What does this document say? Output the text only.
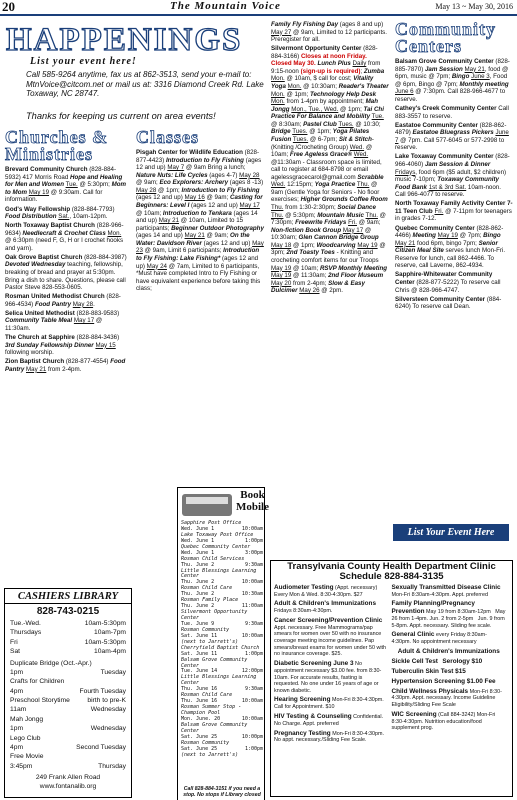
20	The Mountain Voice	May 13 ~ May 30, 2016
HAPPENINGS
List your event here!
Call 585-9264 anytime, fax us at 862-3513, send your e-mail to: MtnVoice@citcom.net or mail us at: 3316 Diamond Creek Rd. Lake Toxaway, NC 28747.
Thanks for keeping us current on area events!
Churches & Ministries

Brevard Community Church (828-884-5932) 417 Morris Road Hope and Healing for Men and Women Tue. @ 5:30pm; Mom to Mom May 19 @ 9:30am. Call for information.

God's Way Fellowship (828-884-7793) Food Distribution Sat., 10am-12pm.

North Toxaway Baptist Church (828-966-9634) Needlecraft & Crochet Class Mon. @ 6:30pm (need F, G, H or I crochet hooks and yarn).

Oak Grove Baptist Church (828-884-3987) Devoted Wednesday teaching, fellowship, breaking of bread and prayer at 5:30pm. Bring a dish to share. Questions, please call Pastor Steve 828-553-0605.

Rosman United Methodist Church (828-966-4534) Food Pantry May 28.

Selica United Methodist (828-883-9583) Community Table Meal May 17 @ 11:30am.

The Church at Sapphire (828-884-3436) 3rd Sunday Fellowship Dinner May 15 following worship.

Zion Baptist Church (828-877-4554) Food Pantry May 21 from 2-4pm.

Classes

Pisgah Center for Wildlife Education (828-877-4423) Introduction to Fly Fishing (ages 12 and up) May 7 @ 9am Bring a lunch; Nature Nuts: Life Cycles (ages 4-7) May 28 @ 9am; Eco Explorers: Archery (ages 8 -13) May 28 @ 1pm; Introduction to Fly Fishing (ages 12 and up) May 16 @ 9am; Casting for Beginners: Level I (ages 12 and up) May 17 @ 10am; Introduction to Tenkara (ages 14 and up) May 21 @ 10am, Limited to 15 participants; Beginner Outdoor Photography (ages 14 and up) May 21 @ 9am; On the Water: Davidson River (ages 12 and up) May 23 @ 9am, Limit 6 participants; Introduction to Fly Fishing: Lake Fishing* (ages 12 and up) May 24 @ 7am, Limited to 6 participants, *Must have completed Intro to Fly Fishing or have equivalent experience before taking this class;

Family Fly Fishing Day (ages 8 and up) May 27 @ 9am, Limited to 12 participants. Preregister for all.

Silvermont Opportunity Center (828-884-3166) Closes at noon Friday. Closed May 30. Lunch Plus Daily from 9:15-noon (sign-up is required); Zumba Mon. @ 10am, $ call for cost; Vitality Yoga Mon. @ 10:30am; Reader's Theater Mon. @ 1pm; Technology Help Desk Mon. from 1-4pm by appointment; Mah Jongg Mon., Tue., Wed. @ 1pm; Tai Chi Practice For Balance and Mobility Tue. @ 8:30am; Pastel Club Tues. @ 10:30; Bridge Tues. @ 1pm; Yoga Pilates Fusion Tues. @ 6-7pm; Sit & Stitch-(Knitting /Crocheting Group) Wed. @ 10am; Free Ageless Grace® Wed. @11:30am - Classroom space is limited, call to register at 684-8798 or email agelessgracecarol@gmail.com Scrabble Wed. 12:15pm; Yoga Practice Thu. @ 9am (Gentle Yoga for Seniors - No floor exercises; Higher Grounds Coffee Room Thu. from 1:30-2:30pm; Social Dance Thu. @ 5:30pm; Mountain Music Thu. @ 7:30pm; Freewrite Fridays Fri. @ 9am; Non-fiction Book Group May 17 @ 10:30am; Glen Cannon Bridge Group May 18 @ 1pm; Woodcarving May 19 @ 3pm; 2nd Toasty Toes - Knitting and crocheting comfort items for our Troops May 19 @ 10am; RSVP Monthly Meeting May 19 @ 11:30am; 2nd Floor Museum May 20 from 2-4pm; Slow & Easy Dulcimer May 26 @ 2pm.

Community Centers

Balsam Grove Community Center (828-885-7870) Jam Session May 21, food @ 6pm, music @ 7pm; Bingo June 3, Food @ 6pm, Bingo @ 7pm; Monthly meeting June 6 @ 7:30pm. Call 828-966-4677 to reserve.

Cathey's Creek Community Center Call 883-3557 to reserve.

Eastatoe Community Center (828-862-4879) Eastatoe Bluegrass Pickers June 7 @ 7pm. Call 577-6045 or 577-2998 to reserve.

Lake Toxaway Community Center (828-966-4060) Jam Session & Dinner Fridays, food 6pm ($5 adult, $2 children) music 7-10pm; Toxaway Community Food Bank 1st & 3rd Sat. 10am-noon. Call 966-4077 to reserve.

North Toxaway Family Activity Center 7-11 Teen Club Fri. @ 7-11pm for teenagers in grades 7-12.

Quebec Community Center (828-862-4466) Meeting May 19 @ 7pm; Bingo May 21 food 6pm, bingo 7pm; Senior Citizen Meal Site serves lunch Mon-Fri. Reserve for lunch, call 862-4466. To reserve, call Laverne, 862-4934.

Sapphire-Whitewater Community Center (828-877-5222) To reserve call Chris @ 828-966-4747.

Silversteen Community Center (884-6240) To reserve call Dean.

List Your Event Here
Book Mobile
Sapphire Post Office
Wed. June 1	10:00am
Lake Toxaway Post Office
Wed. June 1	1:00pm
Quebec Community Center
Wed. June 1	3:00pm
Rosman Child Services
Thu. June 2	9:30am
Little Blessings Learning Center
Thu. June 2	10:00am
Rosman Child Care
Thu. June 2	10:30am
Rosman Family Place
Thu. June 2	11:00am
Silvermont Opportunity Center
Tue. June 9	9:30am
Rosman Community
Sat. June 11	10:00am
(next to Jarrett's)
Cherryfield Baptist Church
Sat. June 11	1:00pm
Balsam Grove Community Center
Tue. June 14	12:00pm
Little Blessings Learning Center
Thu. June 16	9:30am
Rosman Child Care
Thu. June 16	10:00am
Rosman Summer Stop - Champion Pool
Mon. June. 20	10:00am
Balsam Grove Community Center
Sat. June 25	10:00pm
Rosman Community
Sat. June 25	1:00pm
(next to Jarrett's)
Call 828-884-3151 if you need a stop. No stops if Library closed
CASHIERS LIBRARY
828-743-0215
Tue.-Wed.	10am-5:30pm
Thursdays	10am-7pm
Fri	10am-5:30pm
Sat	10am-4pm
Duplicate Bridge (Oct.-Apr.)
1pm	Tuesday
Crafts for Children
4pm	Fourth Tuesday
Preschool Storytime	birth to pre-K
11am	Wednesday
Mah Jongg
1pm	Wednesday
Lego Club
4pm	Second Tuesday
Free Movie
3:45pm	Thursday
249 Frank Allen Road
www.fontanalib.org
Transylvania County Health Department Clinic Schedule 828-884-3135

Audiometer Testing (Appt. necessary) Every Mon & Wed. 8:30-4:30pm. $27

Adult & Children's Immunizations Fridays 8:30am-4:30pm.

Cancer Screening/Prevention Clinic Appt. necessary. Free Mammograms/pap smears for women over 50 with no insurance coverage meeting income guidelines. Pap smears/breast exams for women under 50 with no insurance coverage. $25.

Diabetic Screening June 3 No appointment necessary $3.00 fee. from 8:30-10am. For accurate results, fasting is requested. No one under 16 years of age or known diabetic.

Hearing Screening Mon-Fri 8:30-4:30pm. Call for Appointment. $10

HIV Testing & Counseling Confidential. No Charge. Appt. preferred

Pregnancy Testing Mon-Fri 8:30-4:30pm. No appt. necessary./Sliding Fee Scale.

Sexually Transmitted Disease Clinic Mon-Fri 8:30am-4:30pm. Appt. preferred

Family Planning/Pregnancy Prevention May 19 from 8:30am-12pm   May 26 from 1-4pm. Jun. 2 from 2-5pm   Jun. 9 from 5-8pm. Appt. necessary. Sliding fee scale.

General Clinic every Friday 8:30am-4:30pm. No appointment necessary

Adult & Children's Immunizations

Sickle Cell Test Serology $10

Tuberculin Skin Test $15

Hypertension Screening $1.00 Fee

Child Wellness Physicals Mon-Fri 8:30-4:30pm. Appt. necessary. Income Guideline Eligibility/Sliding Fee Scale

WIC Screening (Call 884-3242) Mon-Fri 8:30-4:30pm. Nutrition education/food supplement prog.
